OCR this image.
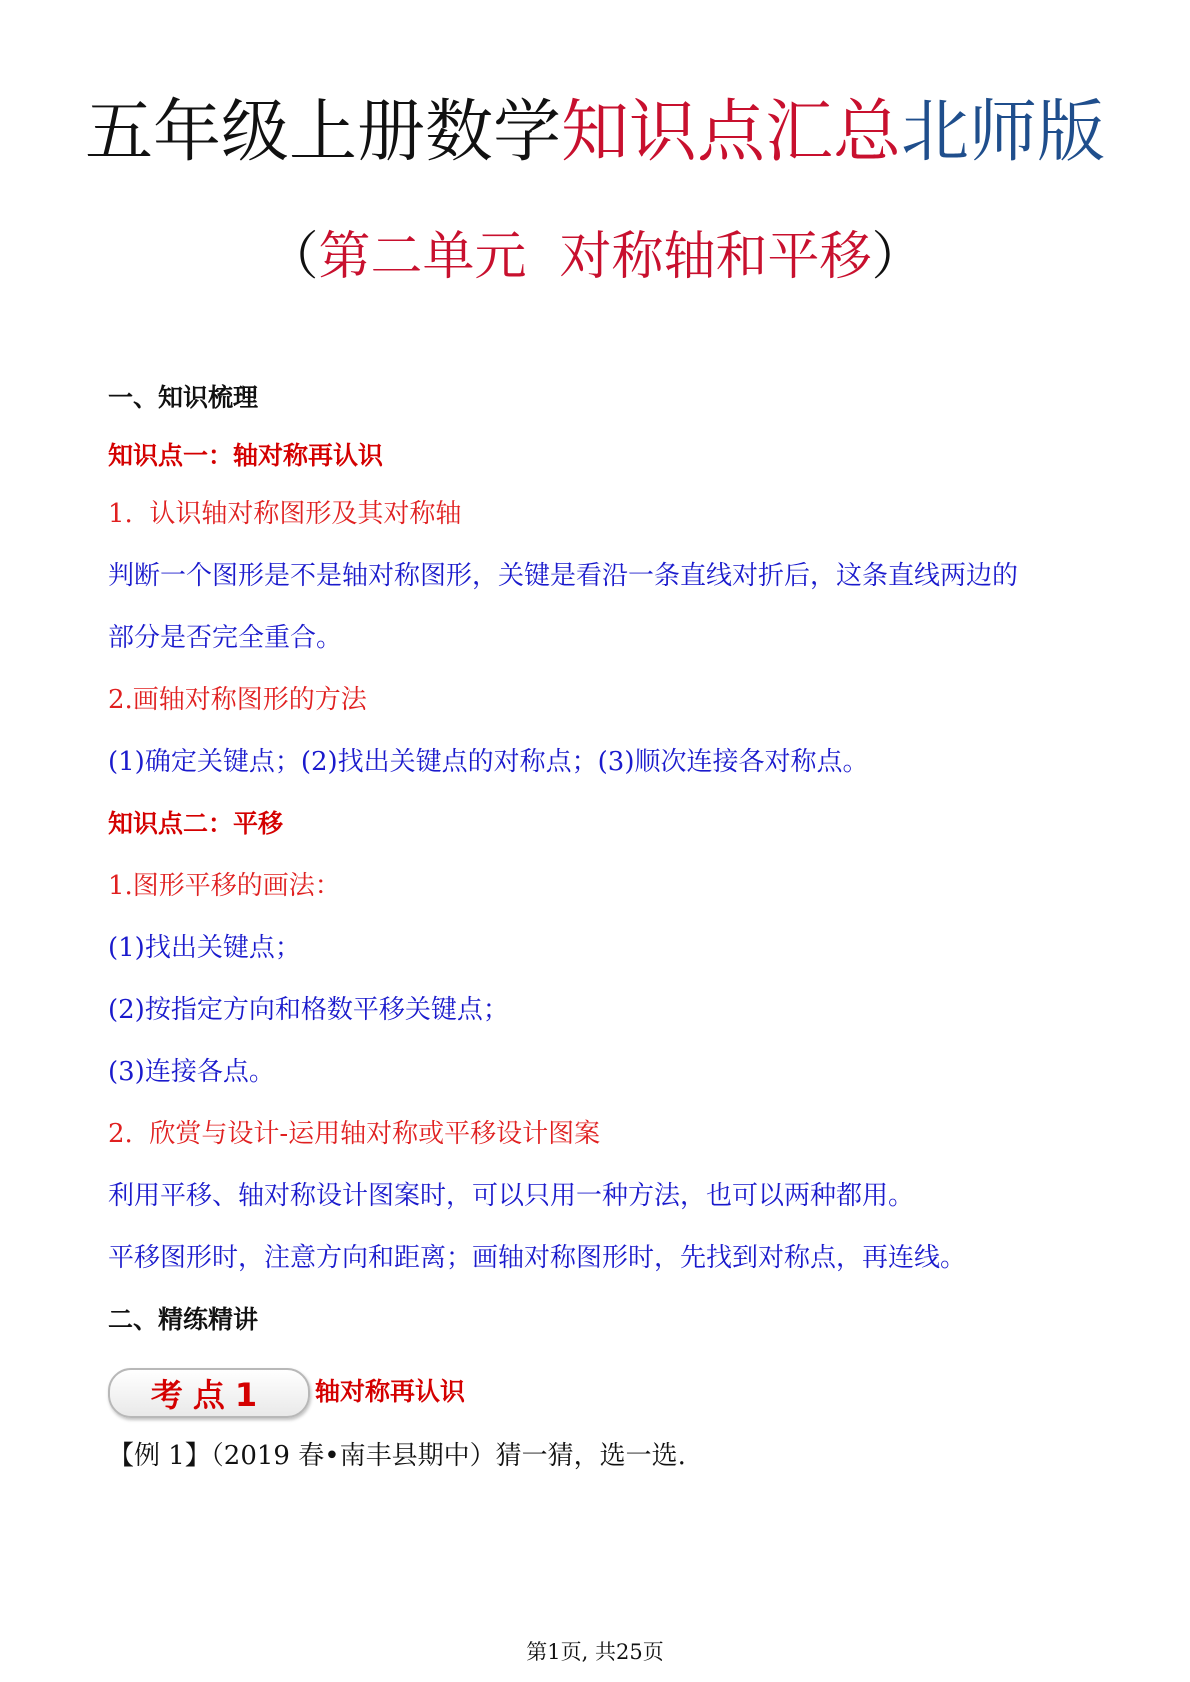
五年级上册数学知识点汇总北师版
（第二单元  对称轴和平移）
一、知识梳理
知识点一：轴对称再认识
1.  认识轴对称图形及其对称轴
判断一个图形是不是轴对称图形，关键是看沿一条直线对折后，这条直线两边的
部分是否完全重合。
2.画轴对称图形的方法
(1)确定关键点；(2)找出关键点的对称点；(3)顺次连接各对称点。
知识点二：平移
1.图形平移的画法：
(1)找出关键点；
(2)按指定方向和格数平移关键点；
(3)连接各点。
2.  欣赏与设计-运用轴对称或平移设计图案
利用平移、轴对称设计图案时，可以只用一种方法，也可以两种都用。
平移图形时，注意方向和距离；画轴对称图形时，先找到对称点，再连线。
二、精练精讲
考点1 轴对称再认识
【例 1】（2019 春•南丰县期中）猜一猜，选一选.
第1页, 共25页
